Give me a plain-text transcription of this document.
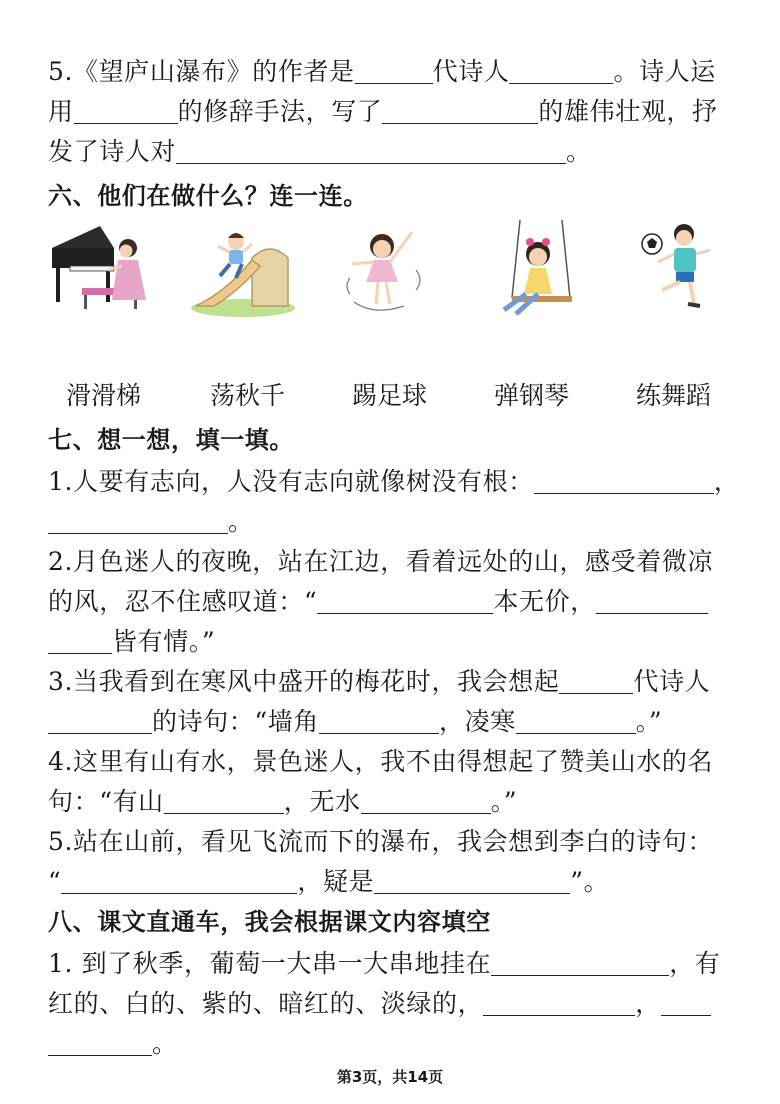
5.《望庐山瀑布》的作者是	代诗人	。诗人运
用	的修辞手法，写了	的雄伟壮观，抒
发了诗人对	。
六、他们在做什么？连一连。
滑滑梯	荡秋千	踢足球	弹钢琴	练舞蹈
七、想一想，填一填。
1.人要有志向，人没有志向就像树没有根：	，
。
2.月色迷人的夜晚，站在江边，看着远处的山，感受着微凉
的风，忍不住感叹道：“	本无价，
皆有情。”
3.当我看到在寒风中盛开的梅花时，我会想起	代诗人
的诗句：“墙角	，凌寒	。”
4.这里有山有水，景色迷人，我不由得想起了赞美山水的名
句：“有山	，无水	。”
5.站在山前，看见飞流而下的瀑布，我会想到李白的诗句：
“	，疑是	”。
八、课文直通车，我会根据课文内容填空
1. 到了秋季，葡萄一大串一大串地挂在	，有
红的、白的、紫的、暗红的、淡绿的，	，
。
第3页，共14页
